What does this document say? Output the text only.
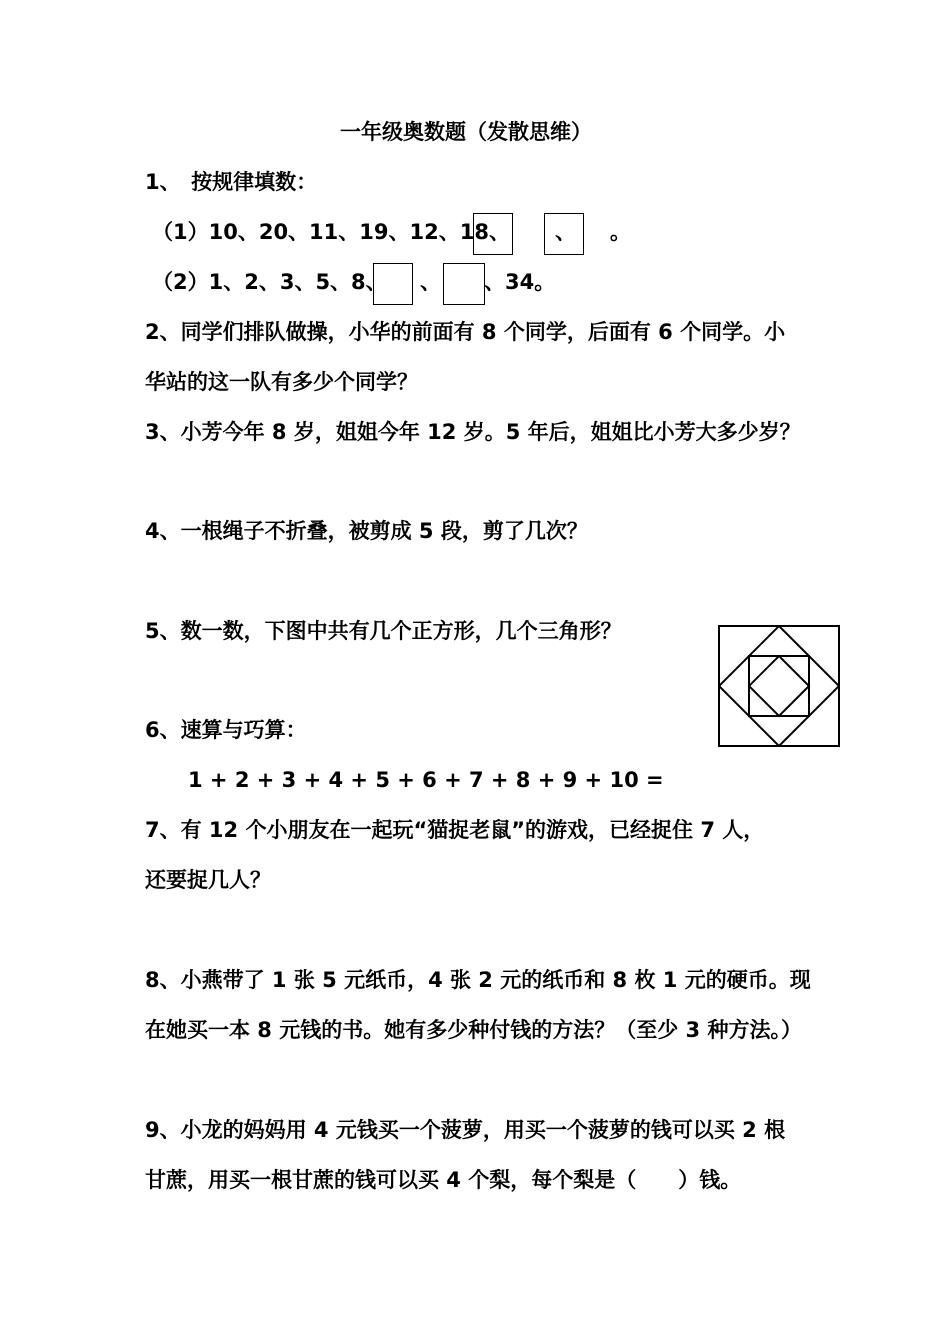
一年级奥数题（发散思维）
1、　按规律填数：
（1）10、20、11、19、12、18、 、 。
（2）1、2、3、5、8、 、 、34。
2、同学们排队做操，小华的前面有 8 个同学，后面有 6 个同学。小
华站的这一队有多少个同学？
3、小芳今年 8 岁，姐姐今年 12 岁。5 年后，姐姐比小芳大多少岁？
4、一根绳子不折叠，被剪成 5 段，剪了几次？
5、数一数，下图中共有几个正方形，几个三角形？
6、速算与巧算：
1 + 2 + 3 + 4 + 5 + 6 + 7 + 8 + 9 + 10 =
7、有 12 个小朋友在一起玩“猫捉老鼠”的游戏，已经捉住 7 人，
还要捉几人？
8、小燕带了 1 张 5 元纸币，4 张 2 元的纸币和 8 枚 1 元的硬币。现
在她买一本 8 元钱的书。她有多少种付钱的方法？（至少 3 种方法。）
9、小龙的妈妈用 4 元钱买一个菠萝，用买一个菠萝的钱可以买 2 根
甘蔗，用买一根甘蔗的钱可以买 4 个梨，每个梨是（　　）钱。
